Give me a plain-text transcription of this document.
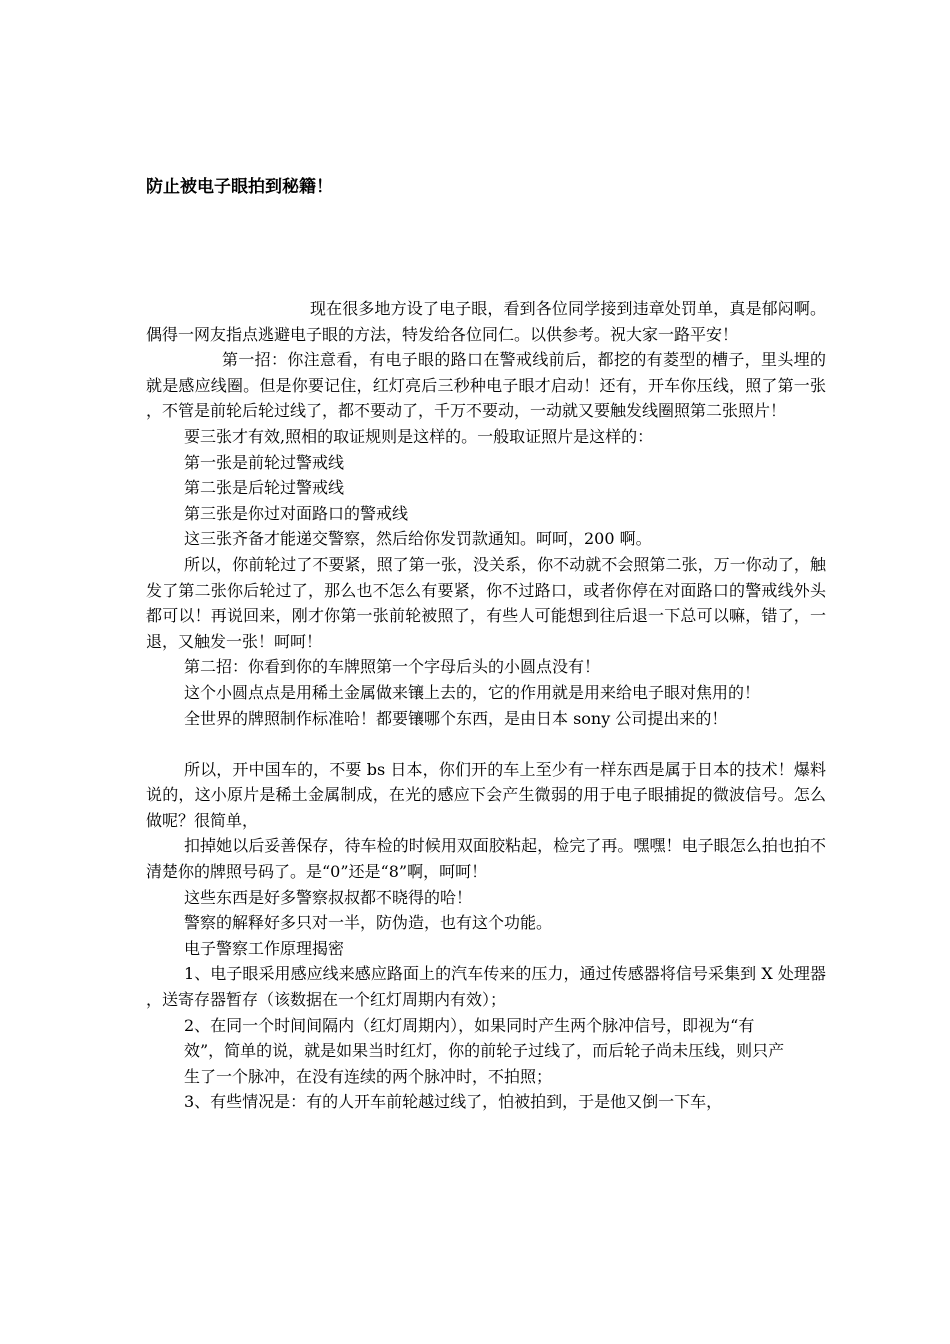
防止被电子眼拍到秘籍！

现在很多地方设了电子眼，看到各位同学接到违章处罚单，真是郁闷啊。偶得一网友指点逃避电子眼的方法，特发给各位同仁。以供参考。祝大家一路平安！

第一招：你注意看，有电子眼的路口在警戒线前后，都挖的有菱型的槽子，里头埋的就是感应线圈。但是你要记住，红灯亮后三秒种电子眼才启动！还有，开车你压线，照了第一张，不管是前轮后轮过线了，都不要动了，千万不要动，一动就又要触发线圈照第二张照片！

要三张才有效,照相的取证规则是这样的。一般取证照片是这样的：

第一张是前轮过警戒线

第二张是后轮过警戒线

第三张是你过对面路口的警戒线

这三张齐备才能递交警察，然后给你发罚款通知。呵呵，200 啊。

所以，你前轮过了不要紧，照了第一张，没关系，你不动就不会照第二张，万一你动了，触发了第二张你后轮过了，那么也不怎么有要紧，你不过路口，或者你停在对面路口的警戒线外头都可以！再说回来，刚才你第一张前轮被照了，有些人可能想到往后退一下总可以嘛，错了，一退，又触发一张！呵呵！

第二招：你看到你的车牌照第一个字母后头的小圆点没有！

这个小圆点点是用稀土金属做来镶上去的，它的作用就是用来给电子眼对焦用的！

全世界的牌照制作标准哈！都要镶哪个东西，是由日本 sony 公司提出来的！

所以，开中国车的，不要 bs 日本，你们开的车上至少有一样东西是属于日本的技术！爆料说的，这小原片是稀土金属制成，在光的感应下会产生微弱的用于电子眼捕捉的微波信号。怎么做呢？很简单，

扣掉她以后妥善保存，待车检的时候用双面胶粘起，检完了再。嘿嘿！电子眼怎么拍也拍不清楚你的牌照号码了。是“0”还是“8”啊，呵呵！

这些东西是好多警察叔叔都不晓得的哈！

警察的解释好多只对一半，防伪造，也有这个功能。

电子警察工作原理揭密

1、电子眼采用感应线来感应路面上的汽车传来的压力，通过传感器将信号采集到 X 处理器，送寄存器暂存（该数据在一个红灯周期内有效）；

2、在同一个时间间隔内（红灯周期内），如果同时产生两个脉冲信号，即视为“有

效”，简单的说，就是如果当时红灯，你的前轮子过线了，而后轮子尚未压线，则只产

生了一个脉冲，在没有连续的两个脉冲时，不拍照；

3、有些情况是：有的人开车前轮越过线了，怕被拍到，于是他又倒一下车，
